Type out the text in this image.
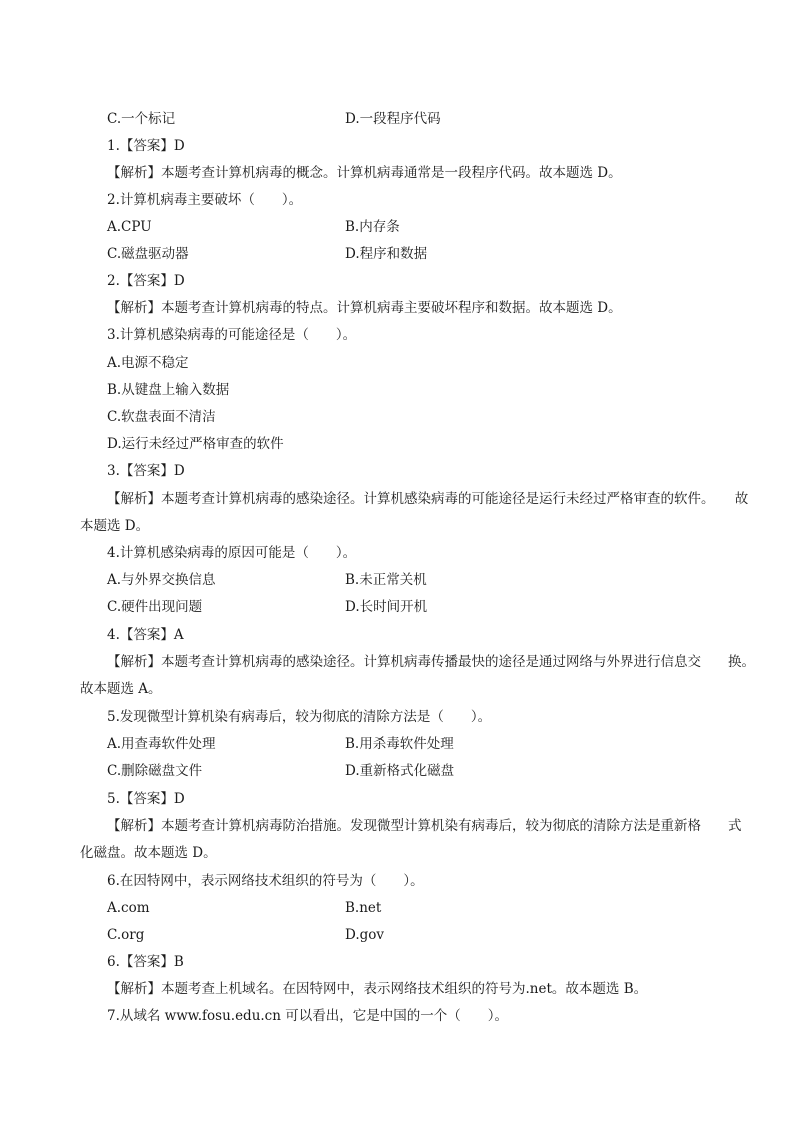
C.一个标记	D.一段程序代码
1.【答案】D
【解析】本题考查计算机病毒的概念。计算机病毒通常是一段程序代码。故本题选 D。
2.计算机病毒主要破坏（　　）。
A.CPU	B.内存条
C.磁盘驱动器	D.程序和数据
2.【答案】D
【解析】本题考查计算机病毒的特点。计算机病毒主要破坏程序和数据。故本题选 D。
3.计算机感染病毒的可能途径是（　　）。
A.电源不稳定
B.从键盘上输入数据
C.软盘表面不清洁
D.运行未经过严格审查的软件
3.【答案】D
【解析】本题考查计算机病毒的感染途径。计算机感染病毒的可能途径是运行未经过严格审查的软件。　　故
本题选 D。
4.计算机感染病毒的原因可能是（　　）。
A.与外界交换信息	B.未正常关机
C.硬件出现问题	D.长时间开机
4.【答案】A
【解析】本题考查计算机病毒的感染途径。计算机病毒传播最快的途径是通过网络与外界进行信息交　　换。
故本题选 A。
5.发现微型计算机染有病毒后，较为彻底的清除方法是（　　）。
A.用查毒软件处理	B.用杀毒软件处理
C.删除磁盘文件	D.重新格式化磁盘
5.【答案】D
【解析】本题考查计算机病毒防治措施。发现微型计算机染有病毒后，较为彻底的清除方法是重新格　　式
化磁盘。故本题选 D。
6.在因特网中，表示网络技术组织的符号为（　　）。
A.com	B.net
C.org	D.gov
6.【答案】B
【解析】本题考查上机域名。在因特网中，表示网络技术组织的符号为.net。故本题选 B。
7.从域名 www.fosu.edu.cn 可以看出，它是中国的一个（　　）。
